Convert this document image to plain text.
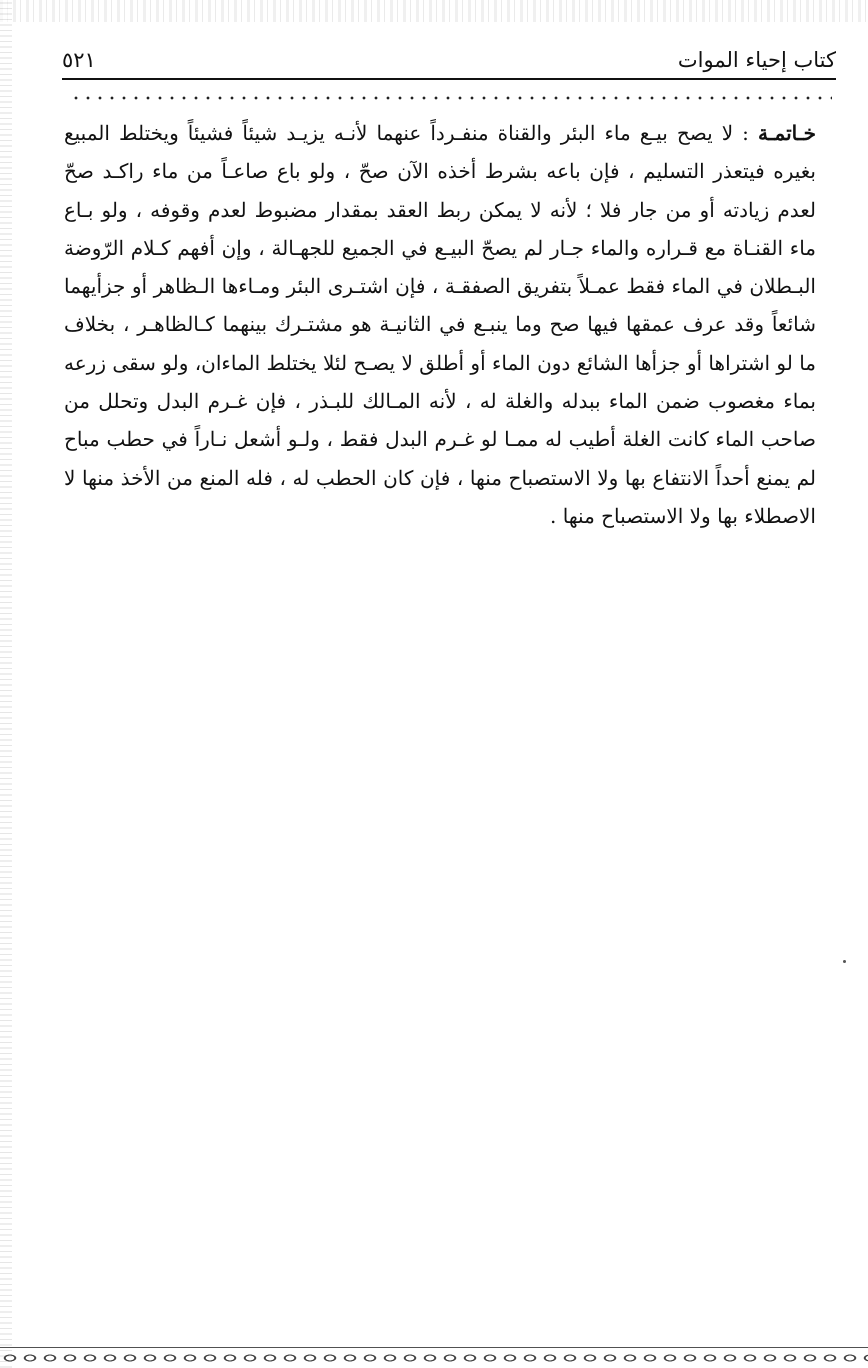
كتاب إحياء الموات
٥٢١

خـاتمـة : لا يصح بيـع ماء البئر والقناة منفـرداً عنهما لأنـه يزيـد شيئاً فشيئاً ويختلط المبيع بغيره فيتعذر التسليم ، فإن باعه بشرط أخذه الآن صحّ ، ولو باع صاعـاً من ماء راكـد صحّ لعدم زيادته أو من جار فلا ؛ لأنه لا يمكن ربط العقد بمقدار مضبوط لعدم وقوفه ، ولو بـاع ماء القنـاة مع قـراره والماء جـار لم يصحّ البيـع في الجميع للجهـالة ، وإن أفهم كـلام الرّوضة البـطلان في الماء فقط عمـلاً بتفريق الصفقـة ، فإن اشتـرى البئر ومـاءها الـظاهر أو جزأيهما شائعاً وقد عرف عمقها فيها صح وما ينبـع في الثانيـة هو مشتـرك بينهما كـالظاهـر ، بخلاف ما لو اشتراها أو جزأها الشائع دون الماء أو أطلق لا يصـح لئلا يختلط الماءان، ولو سقى زرعه بماء مغصوب ضمن الماء ببدله والغلة له ، لأنه المـالك للبـذر ، فإن غـرم البدل وتحلل من صاحب الماء كانت الغلة أطيب له ممـا لو غـرم البدل فقط ، ولـو أشعل نـاراً في حطب مباح لم يمنع أحداً الانتفاع بها ولا الاستصباح منها ، فإن كان الحطب له ، فله المنع من الأخذ منها لا الاصطلاء بها ولا الاستصباح منها .
